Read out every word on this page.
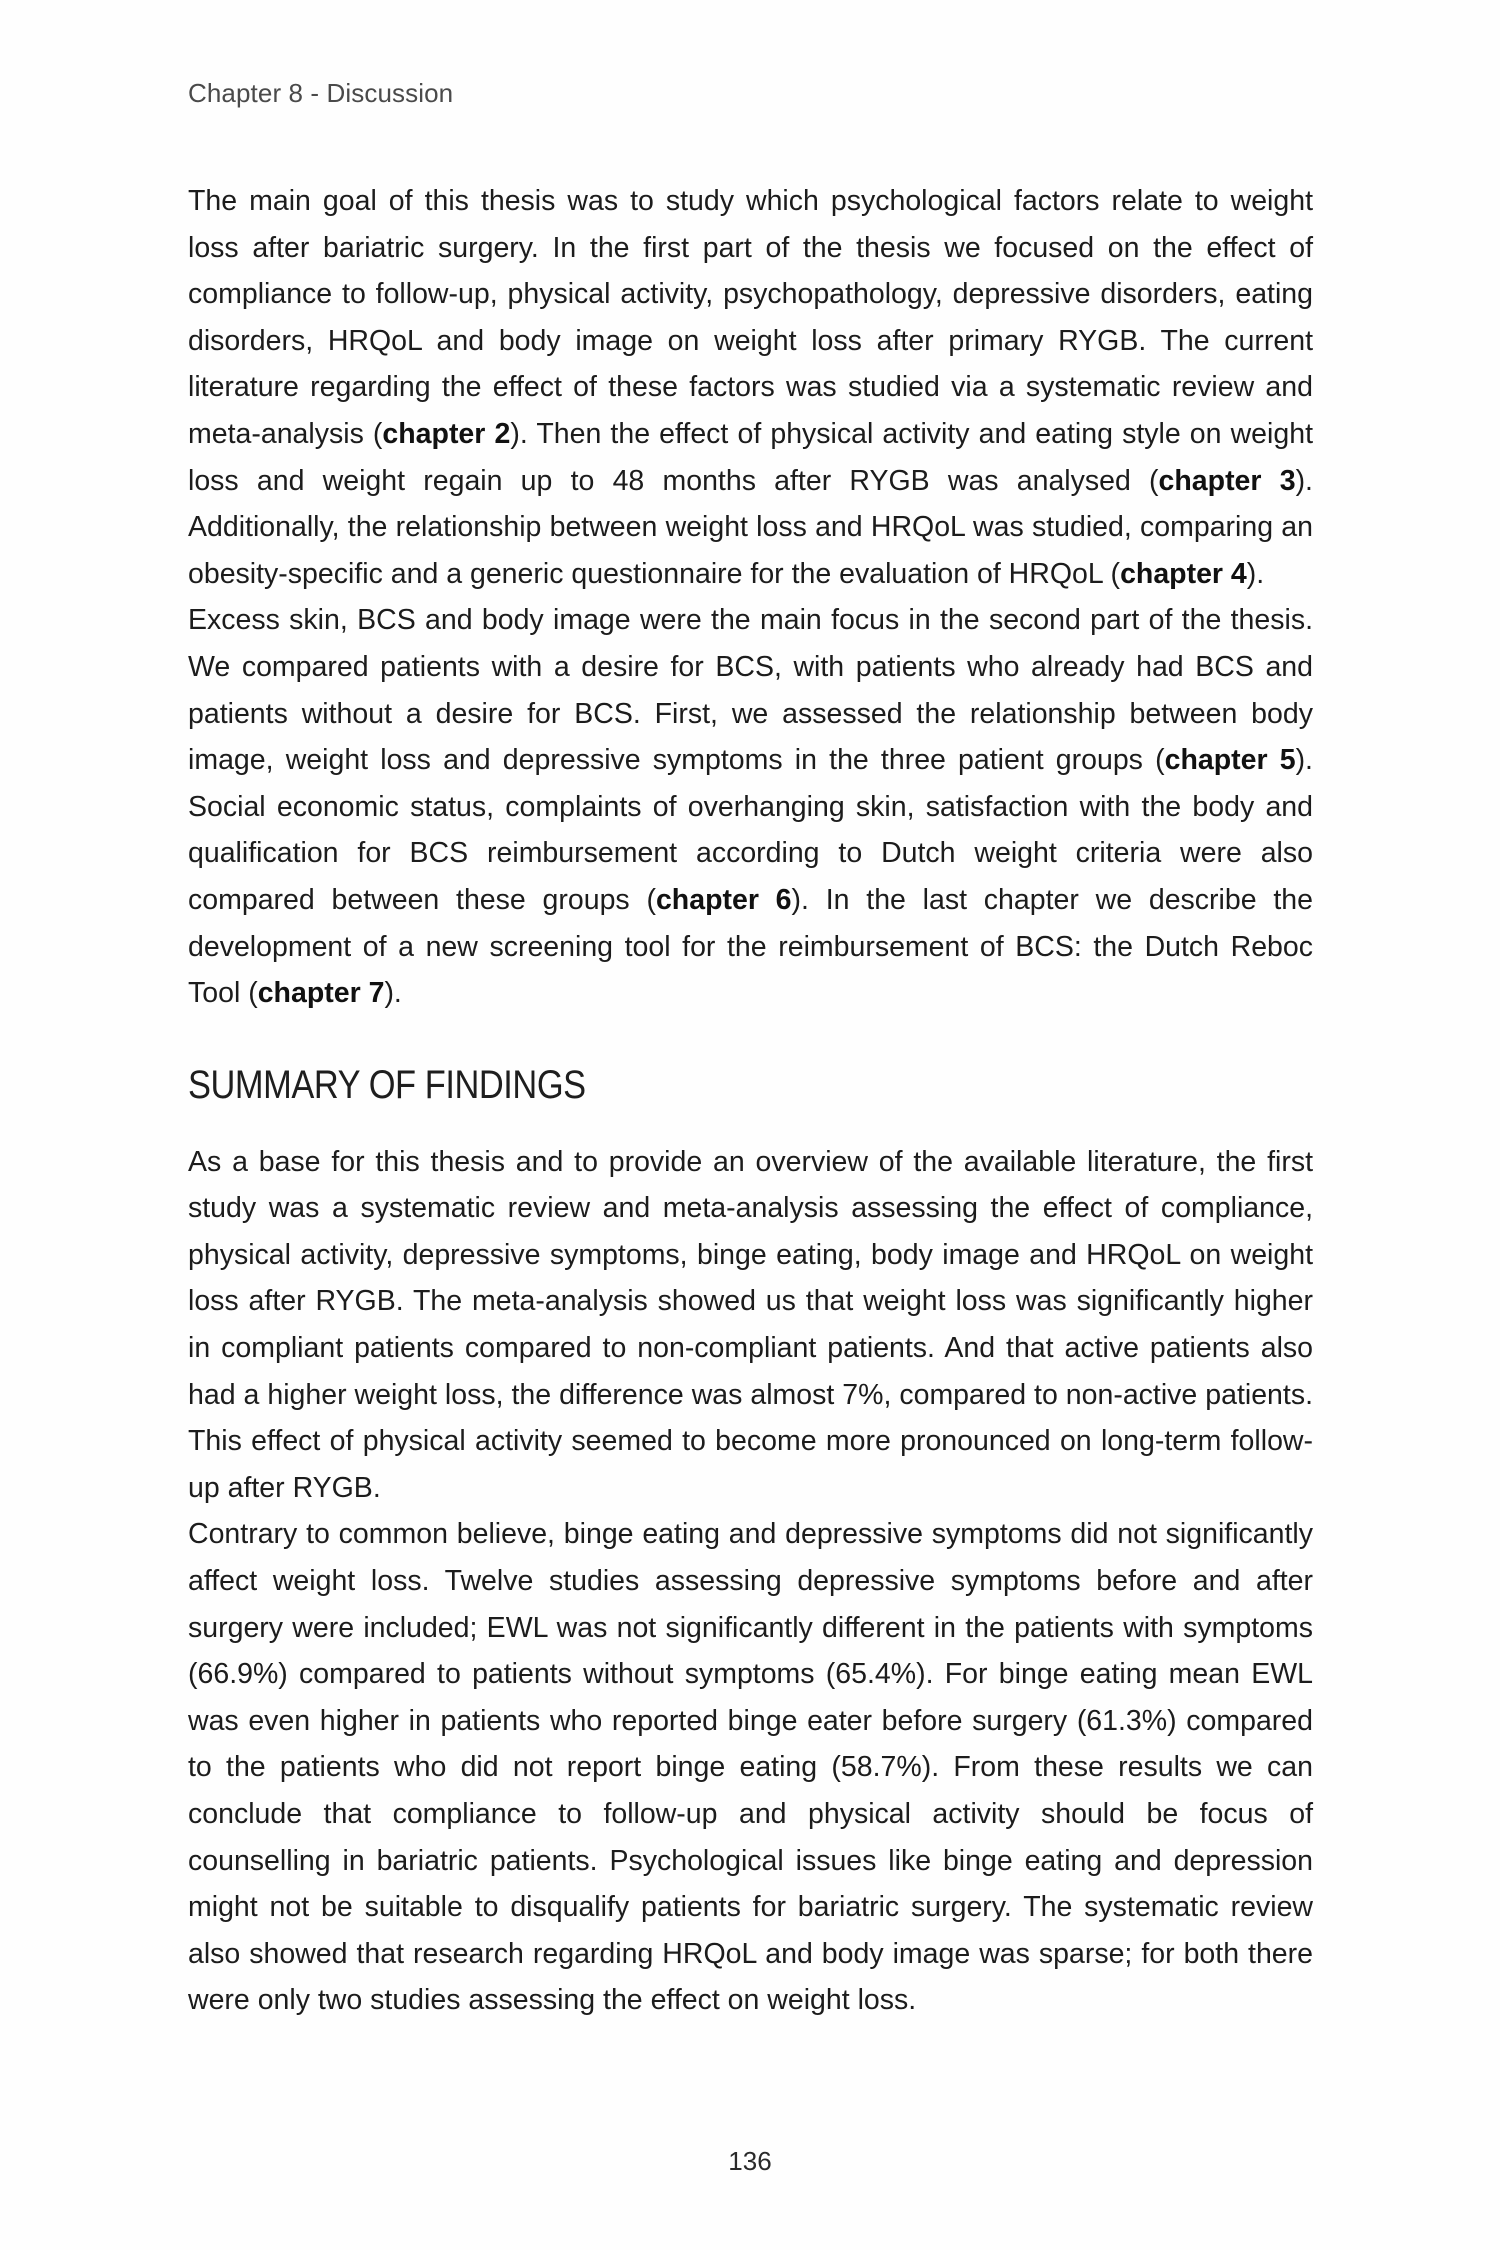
Chapter 8 - Discussion

The main goal of this thesis was to study which psychological factors relate to weight loss after bariatric surgery. In the first part of the thesis we focused on the effect of compliance to follow-up, physical activity, psychopathology, depressive disorders, eating disorders, HRQoL and body image on weight loss after primary RYGB. The current literature regarding the effect of these factors was studied via a systematic review and meta-analysis (chapter 2). Then the effect of physical activity and eating style on weight loss and weight regain up to 48 months after RYGB was analysed (chapter 3). Additionally, the relationship between weight loss and HRQoL was studied, comparing an obesity-specific and a generic questionnaire for the evaluation of HRQoL (chapter 4).

Excess skin, BCS and body image were the main focus in the second part of the thesis. We compared patients with a desire for BCS, with patients who already had BCS and patients without a desire for BCS. First, we assessed the relationship between body image, weight loss and depressive symptoms in the three patient groups (chapter 5). Social economic status, complaints of overhanging skin, satisfaction with the body and qualification for BCS reimbursement according to Dutch weight criteria were also compared between these groups (chapter 6). In the last chapter we describe the development of a new screening tool for the reimbursement of BCS: the Dutch Reboc Tool (chapter 7).

SUMMARY OF FINDINGS

As a base for this thesis and to provide an overview of the available literature, the first study was a systematic review and meta-analysis assessing the effect of compliance, physical activity, depressive symptoms, binge eating, body image and HRQoL on weight loss after RYGB. The meta-analysis showed us that weight loss was significantly higher in compliant patients compared to non-compliant patients. And that active patients also had a higher weight loss, the difference was almost 7%, compared to non-active patients. This effect of physical activity seemed to become more pronounced on long-term follow-up after RYGB.

Contrary to common believe, binge eating and depressive symptoms did not significantly affect weight loss. Twelve studies assessing depressive symptoms before and after surgery were included; EWL was not significantly different in the patients with symptoms (66.9%) compared to patients without symptoms (65.4%). For binge eating mean EWL was even higher in patients who reported binge eater before surgery (61.3%) compared to the patients who did not report binge eating (58.7%). From these results we can conclude that compliance to follow-up and physical activity should be focus of counselling in bariatric patients. Psychological issues like binge eating and depression might not be suitable to disqualify patients for bariatric surgery. The systematic review also showed that research regarding HRQoL and body image was sparse; for both there were only two studies assessing the effect on weight loss.

136
